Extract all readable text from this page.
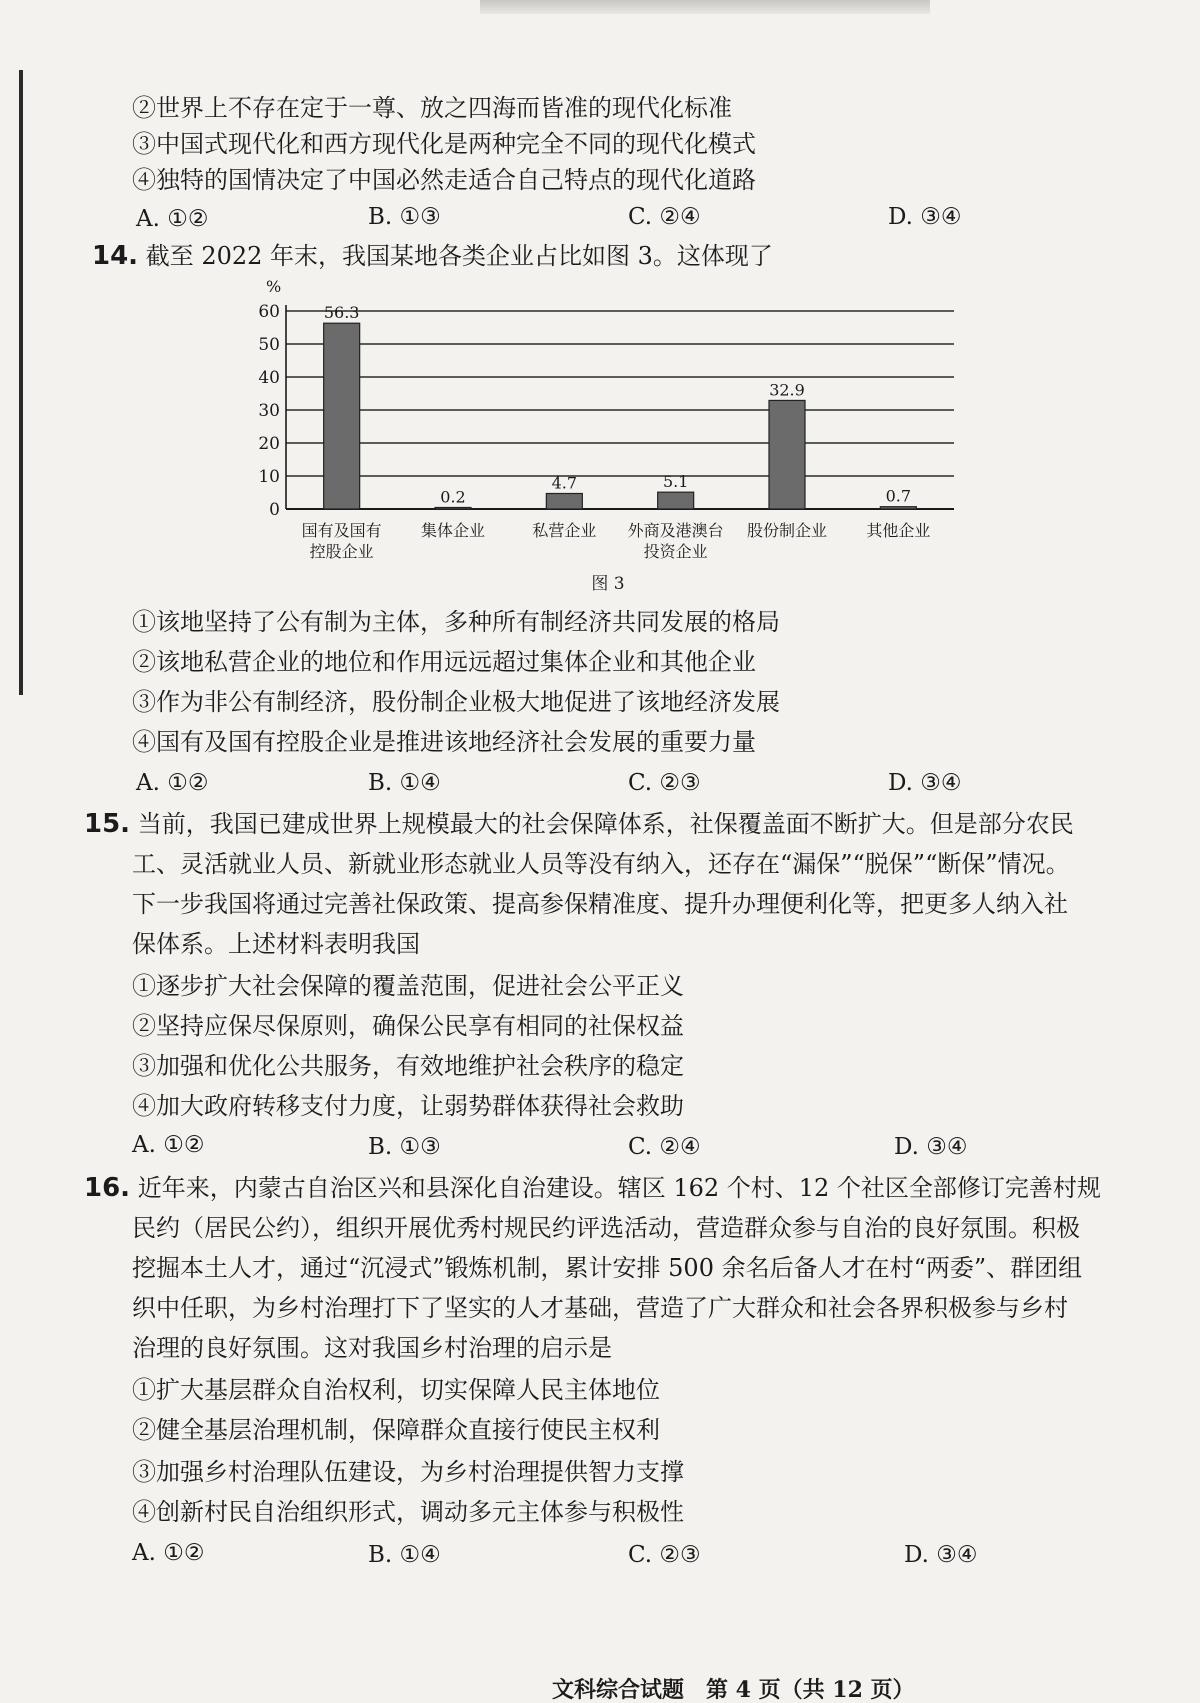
②世界上不存在定于一尊、放之四海而皆准的现代化标准
③中国式现代化和西方现代化是两种完全不同的现代化模式
④独特的国情决定了中国必然走适合自己特点的现代化道路
A. ①②	B. ①③	C. ②④	D. ③④
14. 截至 2022 年末，我国某地各类企业占比如图 3。这体现了
%
0
10
20
30
40
50
60	56.3
国有及国有
控股企业
0.2
集体企业
4.7
私营企业
5.1
外商及港澳台
投资企业
32.9
股份制企业
0.7
其他企业
图 3
①该地坚持了公有制为主体，多种所有制经济共同发展的格局
②该地私营企业的地位和作用远远超过集体企业和其他企业
③作为非公有制经济，股份制企业极大地促进了该地经济发展
④国有及国有控股企业是推进该地经济社会发展的重要力量
A. ①②	B. ①④	C. ②③	D. ③④
15. 当前，我国已建成世界上规模最大的社会保障体系，社保覆盖面不断扩大。但是部分农民
工、灵活就业人员、新就业形态就业人员等没有纳入，还存在“漏保”“脱保”“断保”情况。
下一步我国将通过完善社保政策、提高参保精准度、提升办理便利化等，把更多人纳入社
保体系。上述材料表明我国
①逐步扩大社会保障的覆盖范围，促进社会公平正义
②坚持应保尽保原则，确保公民享有相同的社保权益
③加强和优化公共服务，有效地维护社会秩序的稳定
④加大政府转移支付力度，让弱势群体获得社会救助
A. ①②	B. ①③	C. ②④	D. ③④
16. 近年来，内蒙古自治区兴和县深化自治建设。辖区 162 个村、12 个社区全部修订完善村规
民约（居民公约），组织开展优秀村规民约评选活动，营造群众参与自治的良好氛围。积极
挖掘本土人才，通过“沉浸式”锻炼机制，累计安排 500 余名后备人才在村“两委”、群团组
织中任职，为乡村治理打下了坚实的人才基础，营造了广大群众和社会各界积极参与乡村
治理的良好氛围。这对我国乡村治理的启示是
①扩大基层群众自治权利，切实保障人民主体地位
②健全基层治理机制，保障群众直接行使民主权利
③加强乡村治理队伍建设，为乡村治理提供智力支撑
④创新村民自治组织形式，调动多元主体参与积极性
A. ①②	B. ①④	C. ②③	D. ③④
文科综合试题　第 4 页（共 12 页）
